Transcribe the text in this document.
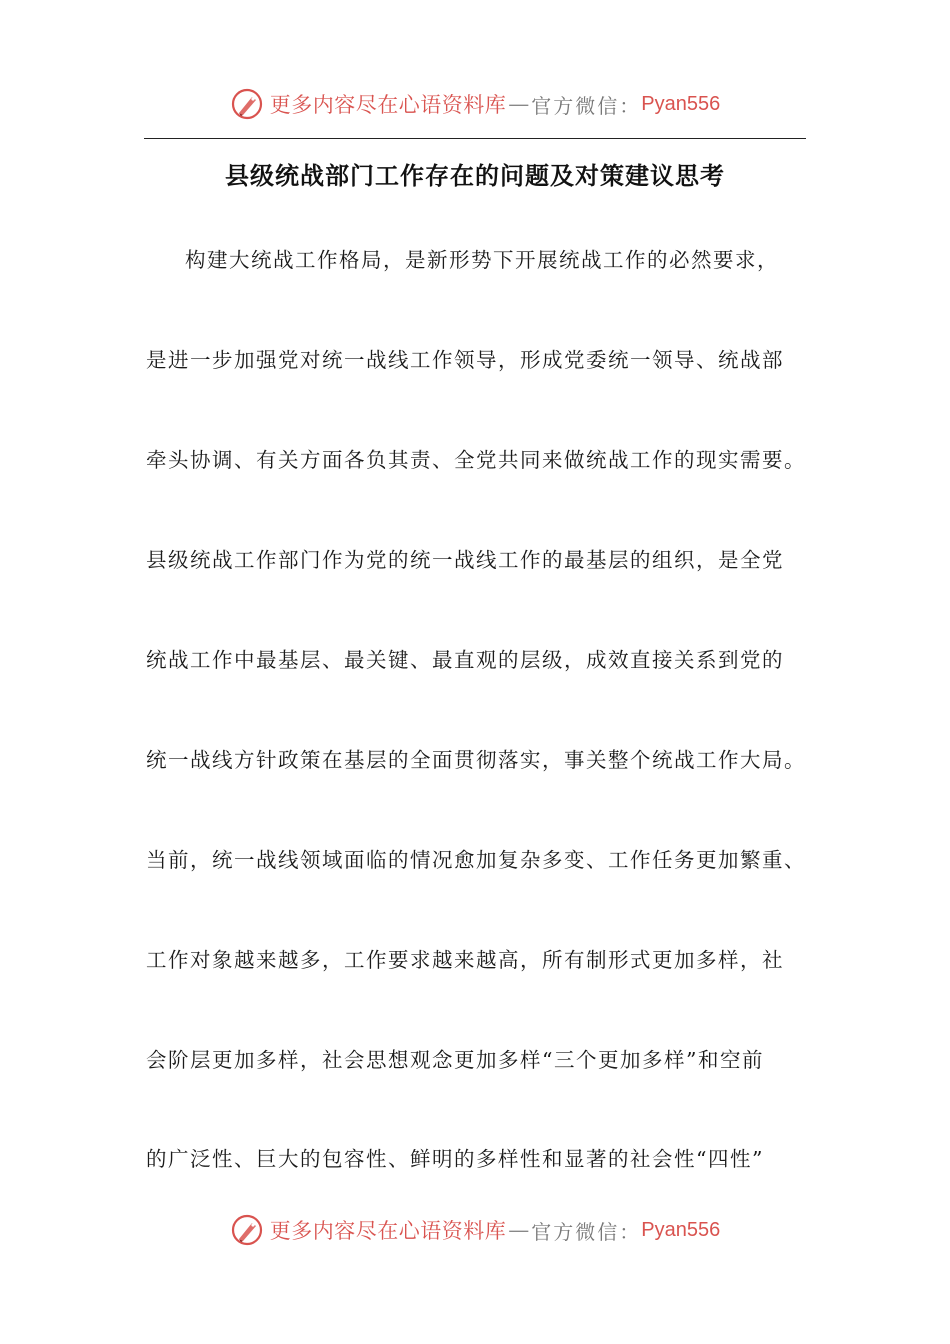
更多内容尽在心语资料库 — 官方微信： Pyan556
县级统战部门工作存在的问题及对策建议思考
构建大统战工作格局，是新形势下开展统战工作的必然要求，
是进一步加强党对统一战线工作领导，形成党委统一领导、统战部
牵头协调、有关方面各负其责、全党共同来做统战工作的现实需要。
县级统战工作部门作为党的统一战线工作的最基层的组织，是全党
统战工作中最基层、最关键、最直观的层级，成效直接关系到党的
统一战线方针政策在基层的全面贯彻落实，事关整个统战工作大局。
当前，统一战线领域面临的情况愈加复杂多变、工作任务更加繁重、
工作对象越来越多，工作要求越来越高，所有制形式更加多样，社
会阶层更加多样，社会思想观念更加多样“三个更加多样”和空前
的广泛性、巨大的包容性、鲜明的多样性和显著的社会性“四性”
更多内容尽在心语资料库 — 官方微信： Pyan556
